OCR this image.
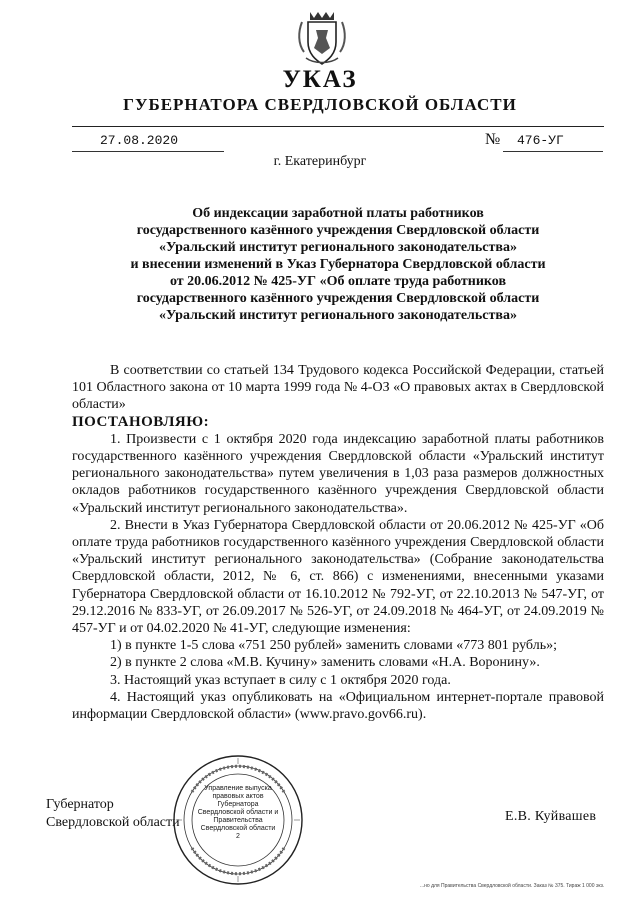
УКАЗ
ГУБЕРНАТОРА СВЕРДЛОВСКОЙ ОБЛАСТИ
27.08.2020	№ 476-УГ
г. Екатеринбург
Об индексации заработной платы работников
государственного казённого учреждения Свердловской области
«Уральский институт регионального законодательства»
и внесении изменений в Указ Губернатора Свердловской области
от 20.06.2012 № 425-УГ «Об оплате труда работников
государственного казённого учреждения Свердловской области
«Уральский институт регионального законодательства»

В соответствии со статьей 134 Трудового кодекса Российской Федерации, статьей 101 Областного закона от 10 марта 1999 года № 4-ОЗ «О правовых актах в Свердловской области»

ПОСТАНОВЛЯЮ:

1. Произвести с 1 октября 2020 года индексацию заработной платы работников государственного казённого учреждения Свердловской области «Уральский институт регионального законодательства» путем увеличения в 1,03 раза размеров должностных окладов работников государственного казённого учреждения Свердловской области «Уральский институт регионального законодательства».

2. Внести в Указ Губернатора Свердловской области от 20.06.2012 № 425-УГ «Об оплате труда работников государственного казённого учреждения Свердловской области «Уральский институт регионального законодательства» (Собрание законодательства Свердловской области, 2012, № 6, ст. 866) с изменениями, внесенными указами Губернатора Свердловской области от 16.10.2012 № 792-УГ, от 22.10.2013 № 547-УГ, от 29.12.2016 № 833-УГ, от 26.09.2017 № 526-УГ, от 24.09.2018 № 464-УГ, от 24.09.2019 № 457-УГ и от 04.02.2020 № 41-УГ, следующие изменения:

1) в пункте 1-5 слова «751 250 рублей» заменить словами «773 801 рубль»;

2) в пункте 2 слова «М.В. Кучину» заменить словами «Н.А. Воронину».

3. Настоящий указ вступает в силу с 1 октября 2020 года.

4. Настоящий указ опубликовать на «Официальном интернет-портале правовой информации Свердловской области» (www.pravo.gov66.ru).

Губернатор
Свердловской области	Е.В. Куйвашев
Управление выпуска правовых актов Губернатора Свердловской области и Правительства Свердловской области
2
...но для Правительства Свердловской области. Заказ № 375. Тираж 1 000 экз.
